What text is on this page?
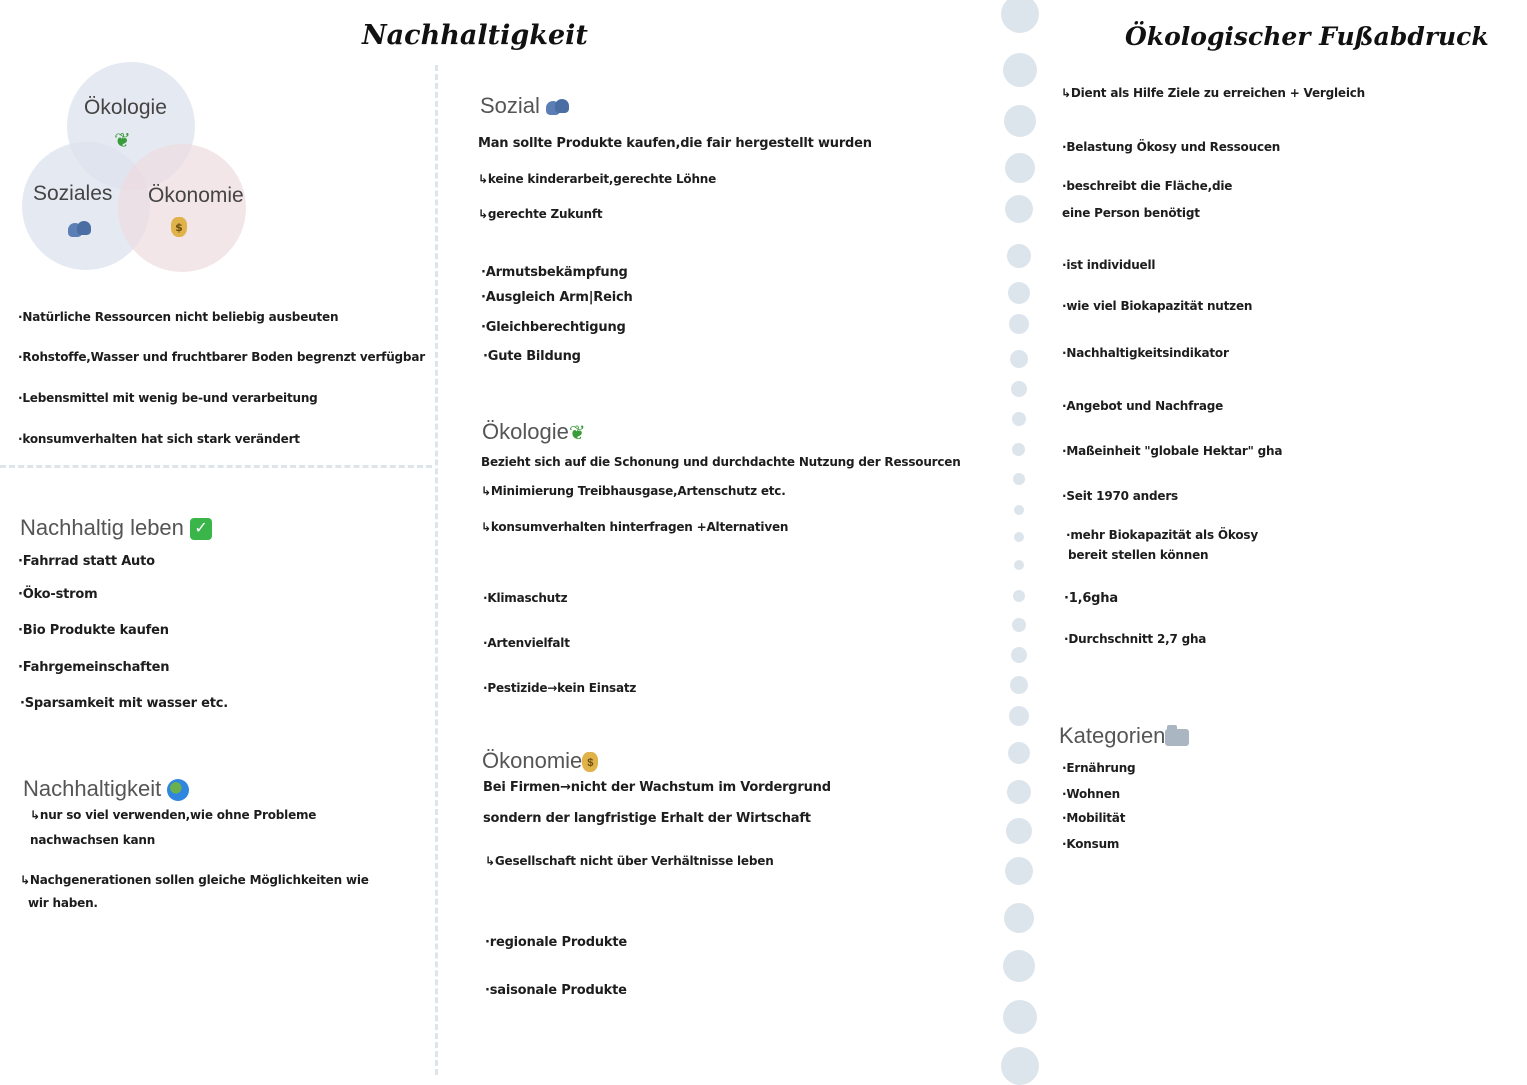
Nachhaltigkeit
Ökologie
❦
Soziales Ökonomie
$
·Natürliche Ressourcen nicht beliebig ausbeuten
·Rohstoffe,Wasser und fruchtbarer Boden begrenzt verfügbar
·Lebensmittel mit wenig be-und verarbeitung
·konsumverhalten hat sich stark verändert
Nachhaltig leben ✓
·Fahrrad statt Auto
·Öko-strom
·Bio Produkte kaufen
·Fahrgemeinschaften
·Sparsamkeit mit wasser etc.
Nachhaltigkeit
↳nur so viel verwenden,wie ohne Probleme
nachwachsen kann
↳Nachgenerationen sollen gleiche Möglichkeiten wie
wir haben.
Sozial
Man sollte Produkte kaufen,die fair hergestellt wurden
↳keine kinderarbeit,gerechte Löhne
↳gerechte Zukunft
·Armutsbekämpfung
·Ausgleich Arm|Reich
·Gleichberechtigung
·Gute Bildung
Ökologie❦
Bezieht sich auf die Schonung und durchdachte Nutzung der Ressourcen
↳Minimierung Treibhausgase,Artenschutz etc.
↳konsumverhalten hinterfragen +Alternativen
·Klimaschutz
·Artenvielfalt
·Pestizide→kein Einsatz
Ökonomie $
Bei Firmen→nicht der Wachstum im Vordergrund
sondern der langfristige Erhalt der Wirtschaft
↳Gesellschaft nicht über Verhältnisse leben
·regionale Produkte
·saisonale Produkte
Ökologischer Fußabdruck
↳Dient als Hilfe Ziele zu erreichen + Vergleich
·Belastung Ökosy und Ressoucen
·beschreibt die Fläche,die
eine Person benötigt
·ist individuell
·wie viel Biokapazität nutzen
·Nachhaltigkeitsindikator
·Angebot und Nachfrage
·Maßeinheit "globale Hektar" gha
·Seit 1970 anders
·mehr Biokapazität als Ökosy
bereit stellen können
·1,6gha
·Durchschnitt 2,7 gha
Kategorien
·Ernährung
·Wohnen
·Mobilität
·Konsum
